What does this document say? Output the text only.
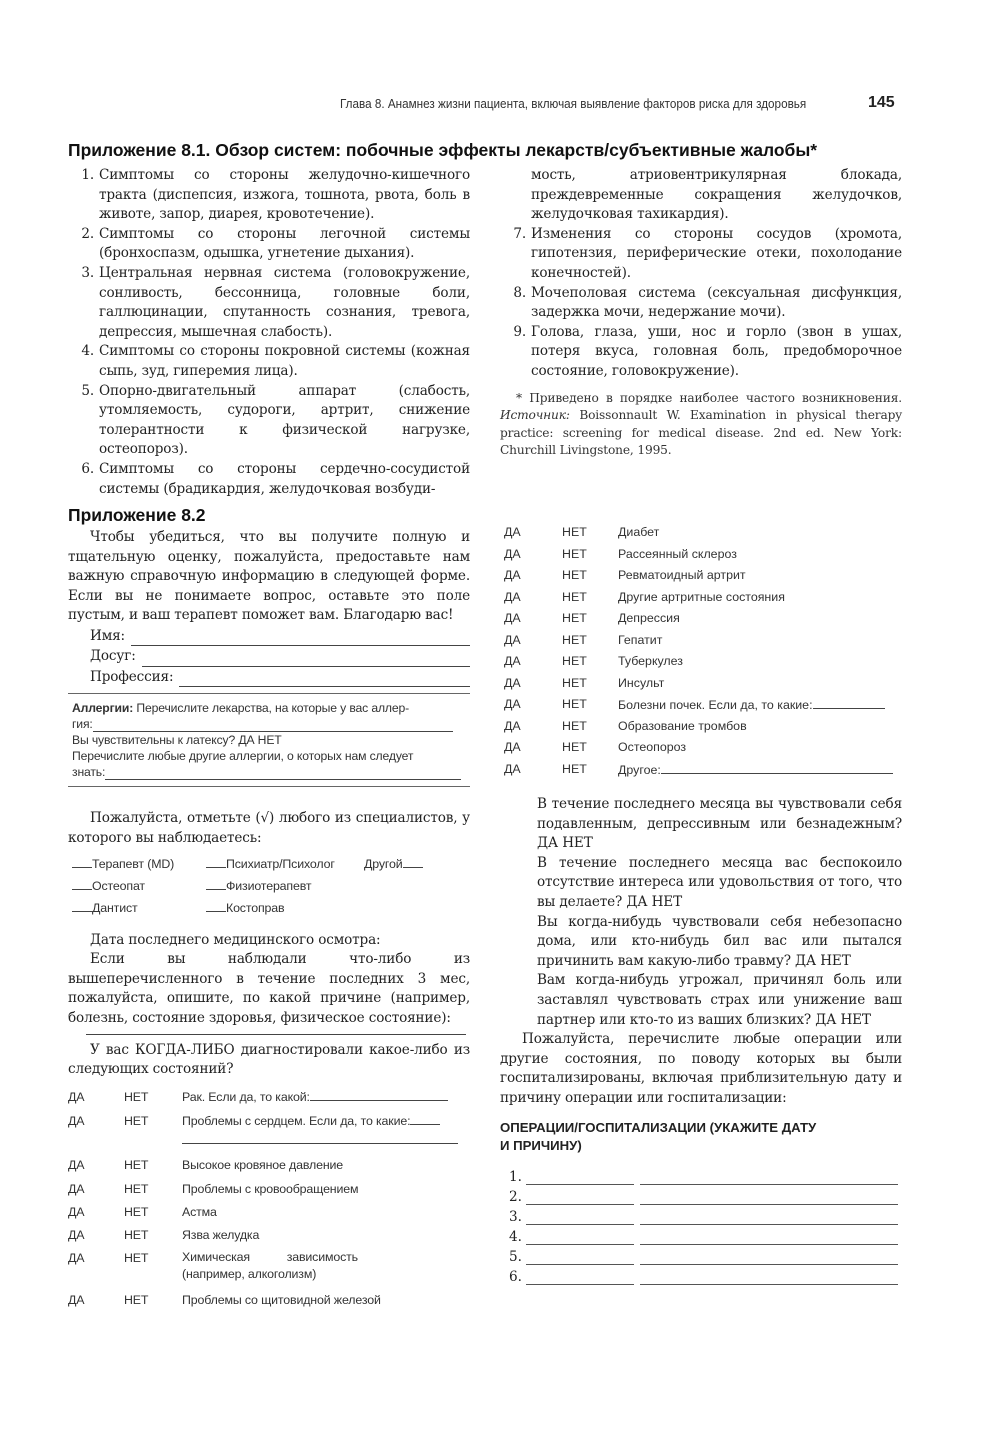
Глава 8. Анамнез жизни пациента, включая выявление факторов риска для здоровья	145
Приложение 8.1. Обзор систем: побочные эффекты лекарств/субъективные жалобы*
1. Симптомы со стороны желудочно-кишечного тракта (диспепсия, изжога, тошнота, рвота, боль в животе, запор, диарея, кровотечение).
2. Симптомы со стороны легочной системы (бронхоспазм, одышка, угнетение дыхания).
3. Центральная нервная система (головокружение, сонливость, бессонница, головные боли, галлюцинации, спутанность сознания, тревога, депрессия, мышечная слабость).
4. Симптомы со стороны покровной системы (кожная сыпь, зуд, гиперемия лица).
5. Опорно-двигательный аппарат (слабость, утомляемость, судороги, артрит, снижение толерантности к физической нагрузке, остеопороз).
6. Симптомы со стороны сердечно-сосудистой системы (брадикардия, желудочковая возбуди-
мость, атриовентрикулярная блокада, преждевременные сокращения желудочков, желудочковая тахикардия).
7. Изменения со стороны сосудов (хромота, гипотензия, периферические отеки, похолодание конечностей).
8. Мочеполовая система (сексуальная дисфункция, задержка мочи, недержание мочи).
9. Голова, глаза, уши, нос и горло (звон в ушах, потеря вкуса, головная боль, предобморочное состояние, головокружение).
* Приведено в порядке наиболее частого возникновения. Источник: Boissonnault W. Examination in physical therapy practice: screening for medical disease. 2nd ed. New York: Churchill Livingstone, 1995.
Приложение 8.2
Чтобы убедиться, что вы получите полную и тщательную оценку, пожалуйста, предоставьте нам важную справочную информацию в следующей форме. Если вы не понимаете вопрос, оставьте это поле пустым, и ваш терапевт поможет вам. Благодарю вас!
Имя:
Досуг:
Профессия:
Аллергии: Перечислите лекарства, на которые у вас аллер-
гия:
Вы чувствительны к латексу? ДА НЕТ
Перечислите любые другие аллергии, о которых нам следует
знать:
Пожалуйста, отметьте (√) любого из специалистов, у которого вы наблюдаетесь:
Терапевт (MD)	Психиатр/Психолог Другой
Остеопат	Физиотерапевт
Дантист	Костоправ
Дата последнего медицинского осмотра:
Если вы наблюдали что-либо из вышеперечисленного в течение последних 3 мес, пожалуйста, опишите, по какой причине (например, болезнь, состояние здоровья, физическое состояние):
У вас КОГДА-ЛИБО диагностировали какое-либо из следующих состояний?
ДА	НЕТ	Рак. Если да, то какой:
ДА	НЕТ	Проблемы с сердцем. Если да, то какие:

ДА	НЕТ	Высокое кровяное давление
ДА	НЕТ	Проблемы с кровообращением
ДА	НЕТ	Астма
ДА	НЕТ	Язва желудка
ДА	НЕТ	Химическая зависимость (например, алкоголизм)
ДА	НЕТ	Проблемы со щитовидной железой
ДА	НЕТ	Диабет
ДА	НЕТ	Рассеянный склероз
ДА	НЕТ	Ревматоидный артрит
ДА	НЕТ	Другие артритные состояния
ДА	НЕТ	Депрессия
ДА	НЕТ	Гепатит
ДА	НЕТ	Туберкулез
ДА	НЕТ	Инсульт
ДА	НЕТ	Болезни почек. Если да, то какие:
ДА	НЕТ	Образование тромбов
ДА	НЕТ	Остеопороз
ДА	НЕТ	Другое:
В течение последнего месяца вы чувствовали себя подавленным, депрессивным или безнадежным? ДА НЕТ
В течение последнего месяца вас беспокоило отсутствие интереса или удовольствия от того, что вы делаете? ДА НЕТ
Вы когда-нибудь чувствовали себя небезопасно дома, или кто-нибудь бил вас или пытался причинить вам какую-либо травму? ДА НЕТ
Вам когда-нибудь угрожал, причинял боль или заставлял чувствовать страх или унижение ваш партнер или кто-то из ваших близких? ДА НЕТ
Пожалуйста, перечислите любые операции или другие состояния, по поводу которых вы были госпитализированы, включая приблизительную дату и причину операции или госпитализации:
ОПЕРАЦИИ/ГОСПИТАЛИЗАЦИИ (УКАЖИТЕ ДАТУ
И ПРИЧИНУ)
1.
2.
3.
4.
5.
6.
